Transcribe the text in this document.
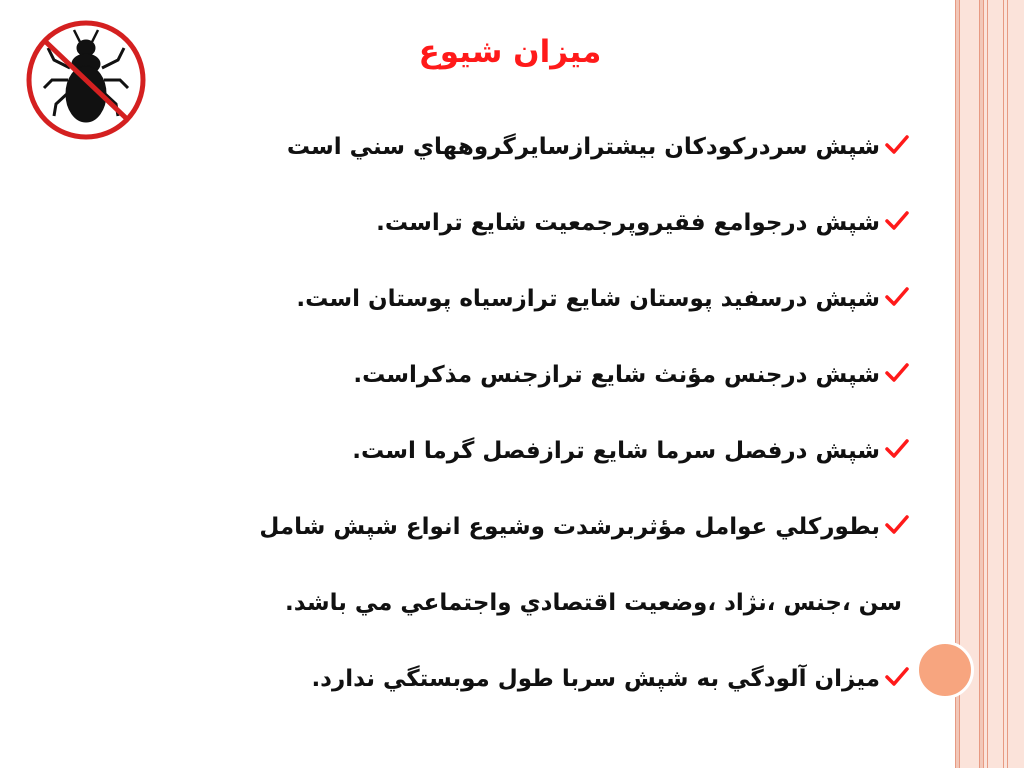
ميزان شيوع
شپش سردركودكان بيشترازسايرگروههاي سني است
شپش درجوامع فقيروپرجمعيت شايع تراست.
شپش درسفيد پوستان شايع ترازسياه پوستان است.
شپش درجنس مؤنث شايع ترازجنس مذكراست.
شپش درفصل سرما شايع ترازفصل گرما است.
بطوركلي عوامل مؤثربرشدت وشيوع انواع شپش شامل
سن ،جنس ،نژاد ،وضعيت اقتصادي واجتماعي مي باشد.
ميزان آلودگي به شپش سربا طول موبستگي ندارد.
